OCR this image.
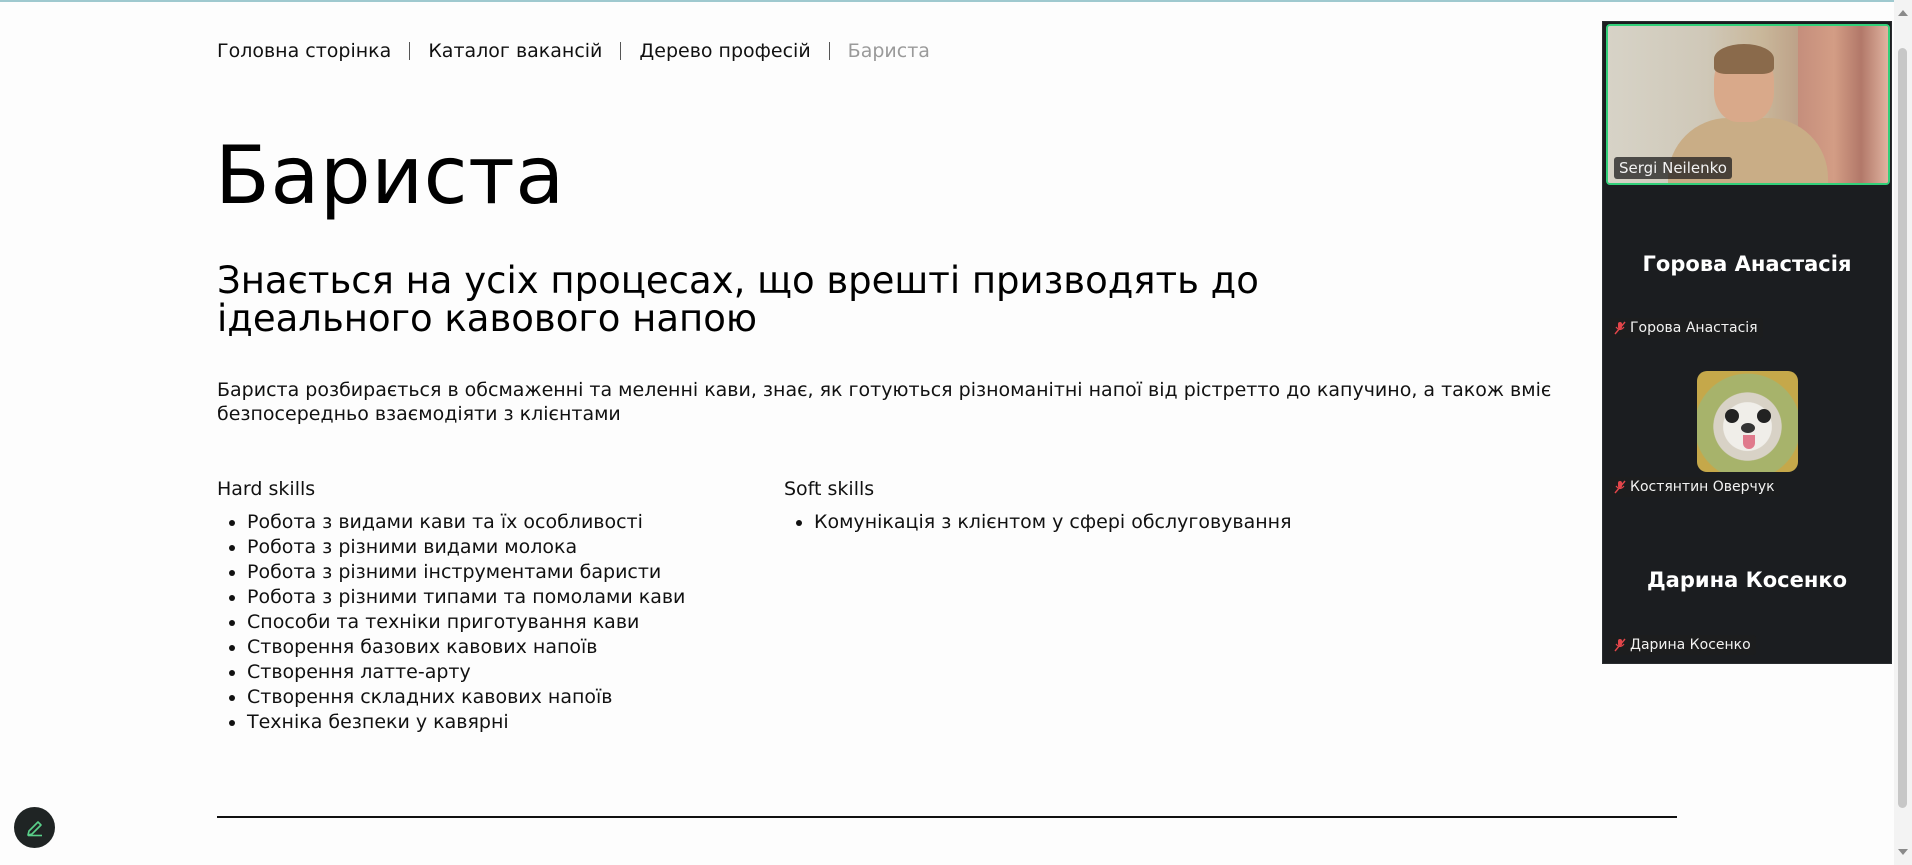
Головна сторінка Каталог вакансій Дерево професій Бариста
Бариста
Знається на усіх процесах, що врешті призводять до ідеального кавового напою

Бариста розбирається в обсмаженні та меленні кави, знає, як готуються різноманітні напої від рістретто до капучино, а також вміє безпосередньо взаємодіяти з клієнтами

Hard skills
• Робота з видами кави та їх особливості
• Робота з різними видами молока
• Робота з різними інструментами баристи
• Робота з різними типами та помолами кави
• Способи та техніки приготування кави
• Створення базових кавових напоїв
• Створення латте-арту
• Створення складних кавових напоїв
• Техніка безпеки у кавярні
Soft skills
• Комунікація з клієнтом у сфері обслуговування
Sergi Neilenko
Горова Анастасія
Горова Анастасія
Костянтин Оверчук
Дарина Косенко
Дарина Косенко
